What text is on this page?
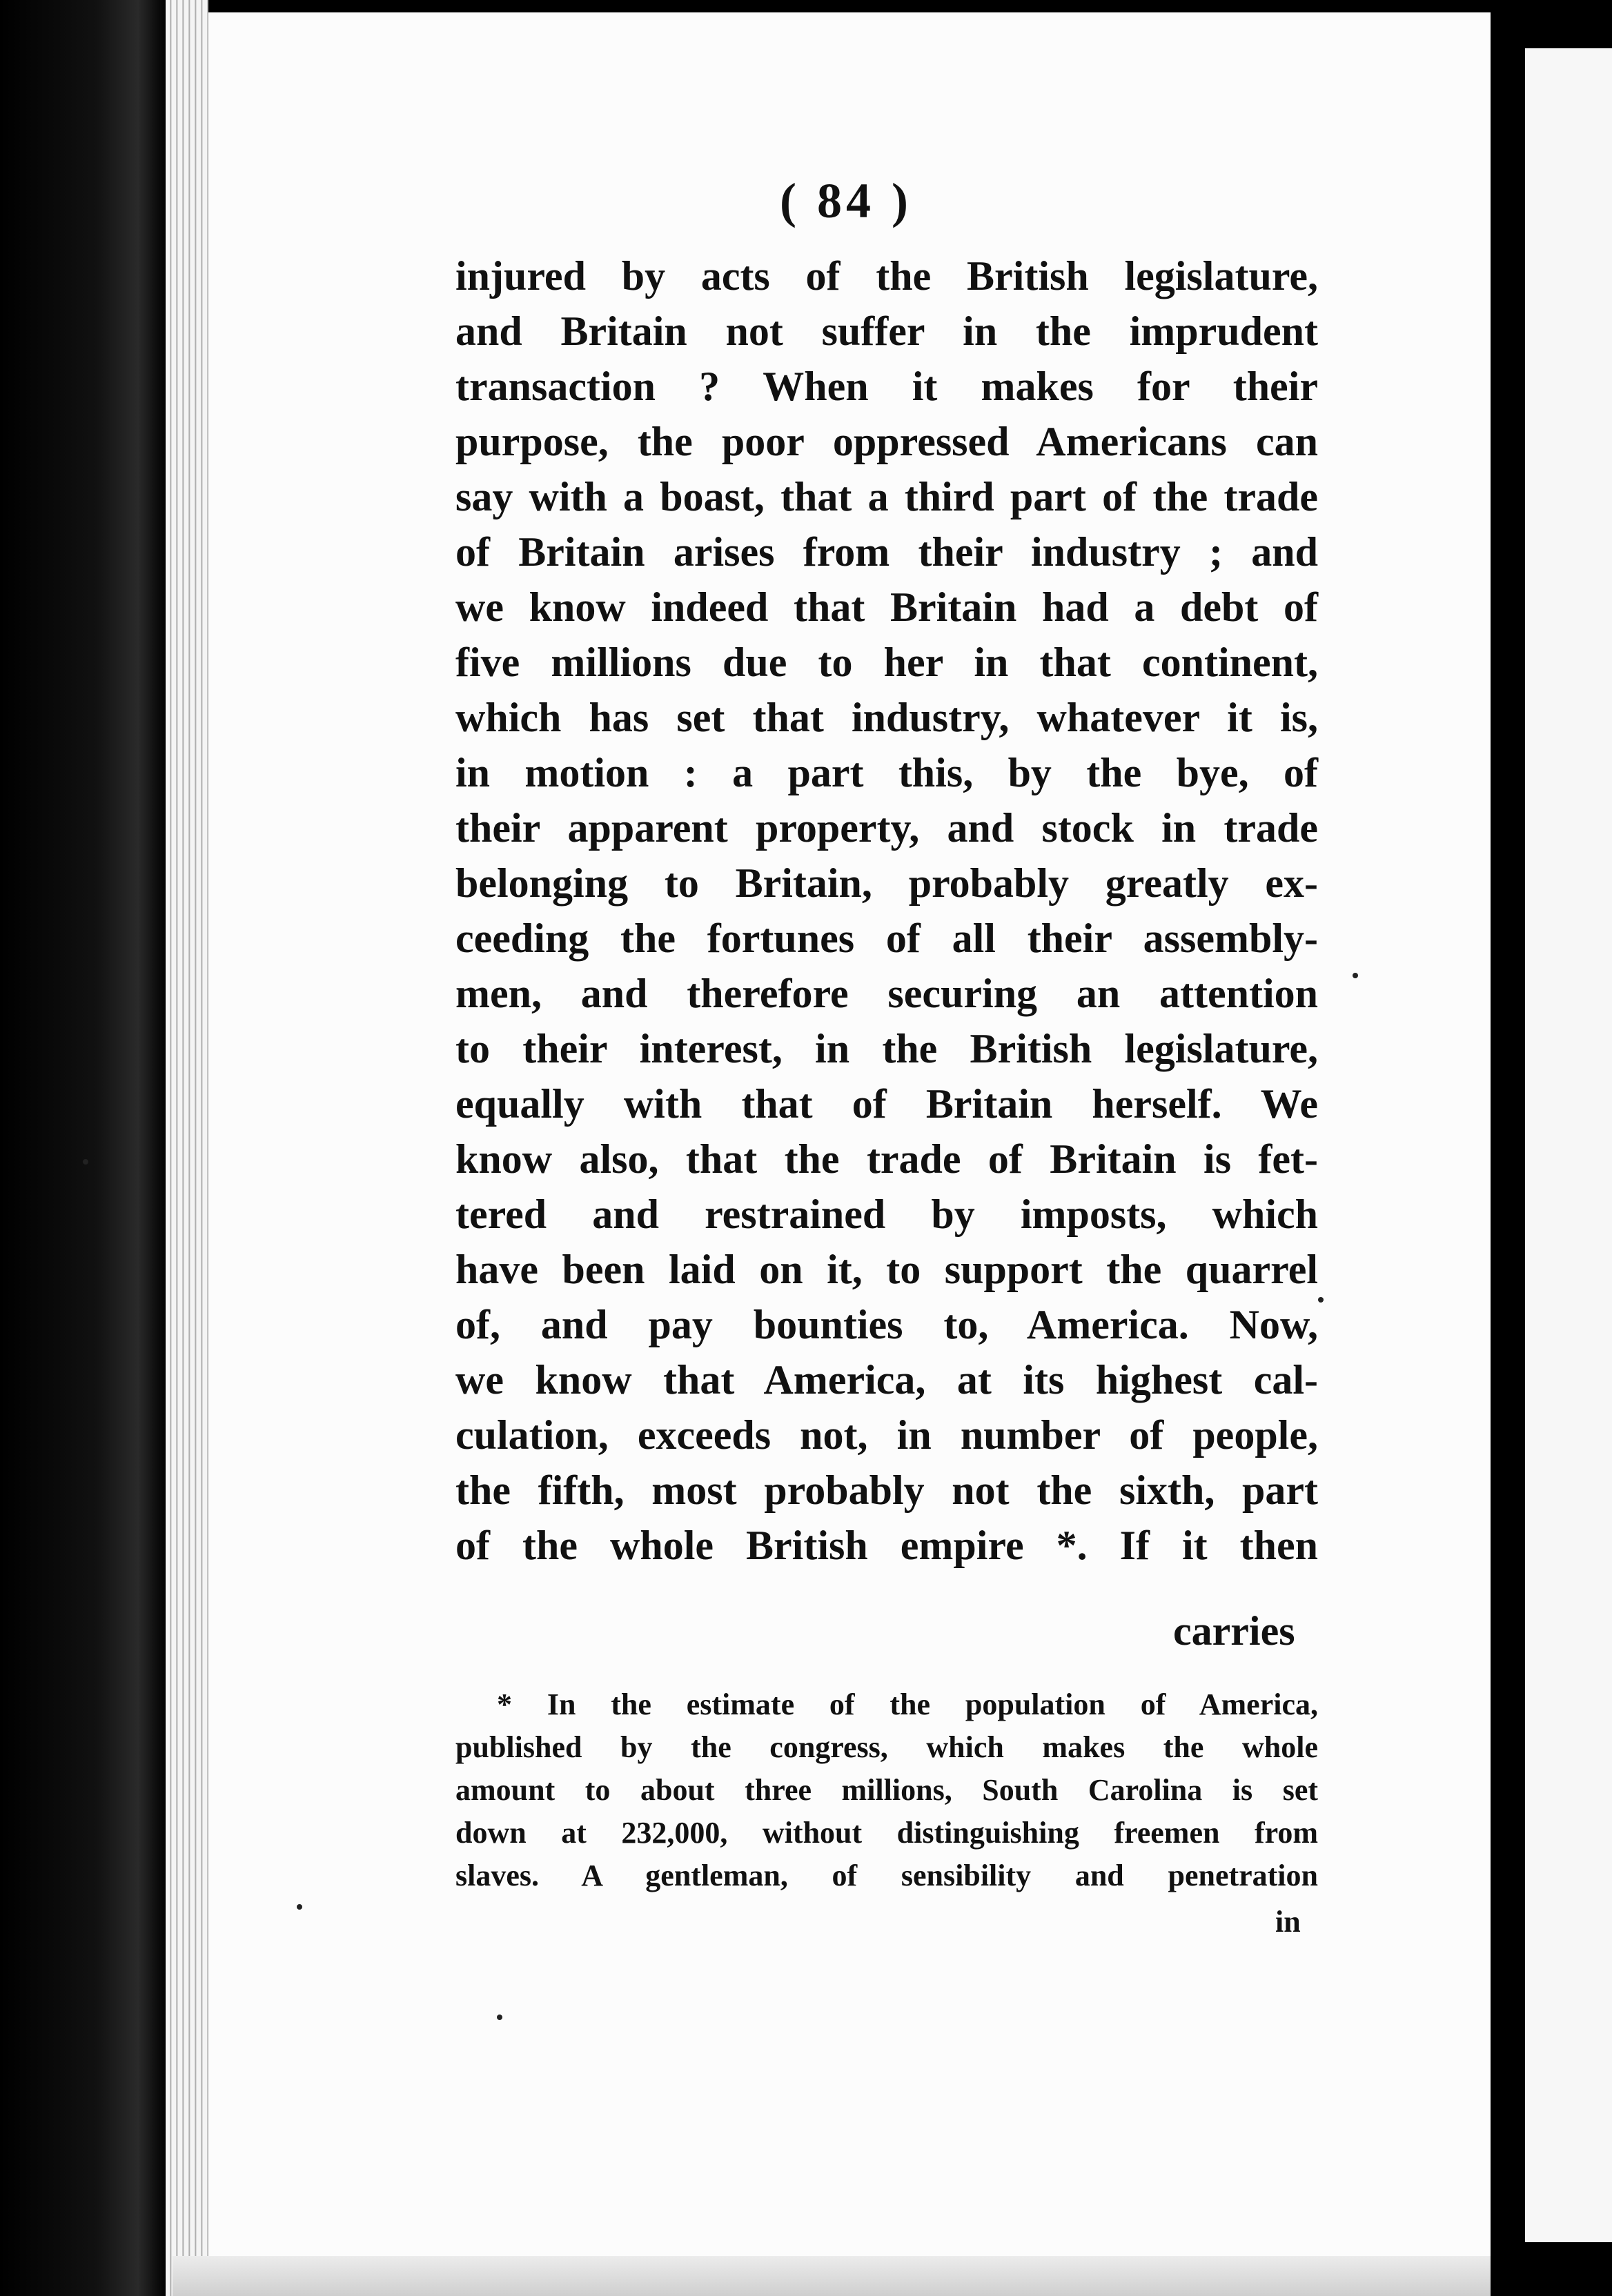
( 84 )
injured by acts of the British legislature,
and Britain not suffer in the imprudent
transaction ? When it makes for their
purpose, the poor oppressed Americans can
say with a boast, that a third part of the trade
of Britain arises from their industry ; and
we know indeed that Britain had a debt of
five millions due to her in that continent,
which has set that industry, whatever it is,
in motion : a part this, by the bye, of
their apparent property, and stock in trade
belonging to Britain, probably greatly ex-
ceeding the fortunes of all their assembly-
men, and therefore securing an attention
to their interest, in the British legislature,
equally with that of Britain herself. We
know also, that the trade of Britain is fet-
tered and restrained by imposts, which
have been laid on it, to support the quarrel
of, and pay bounties to, America. Now,
we know that America, at its highest cal-
culation, exceeds not, in number of people,
the fifth, most probably not the sixth, part
of the whole British empire *. If it then
carries
* In the estimate of the population of America,
published by the congress, which makes the whole
amount to about three millions, South Carolina is set
down at 232,000, without distinguishing freemen from
slaves. A gentleman, of sensibility and penetration
in
